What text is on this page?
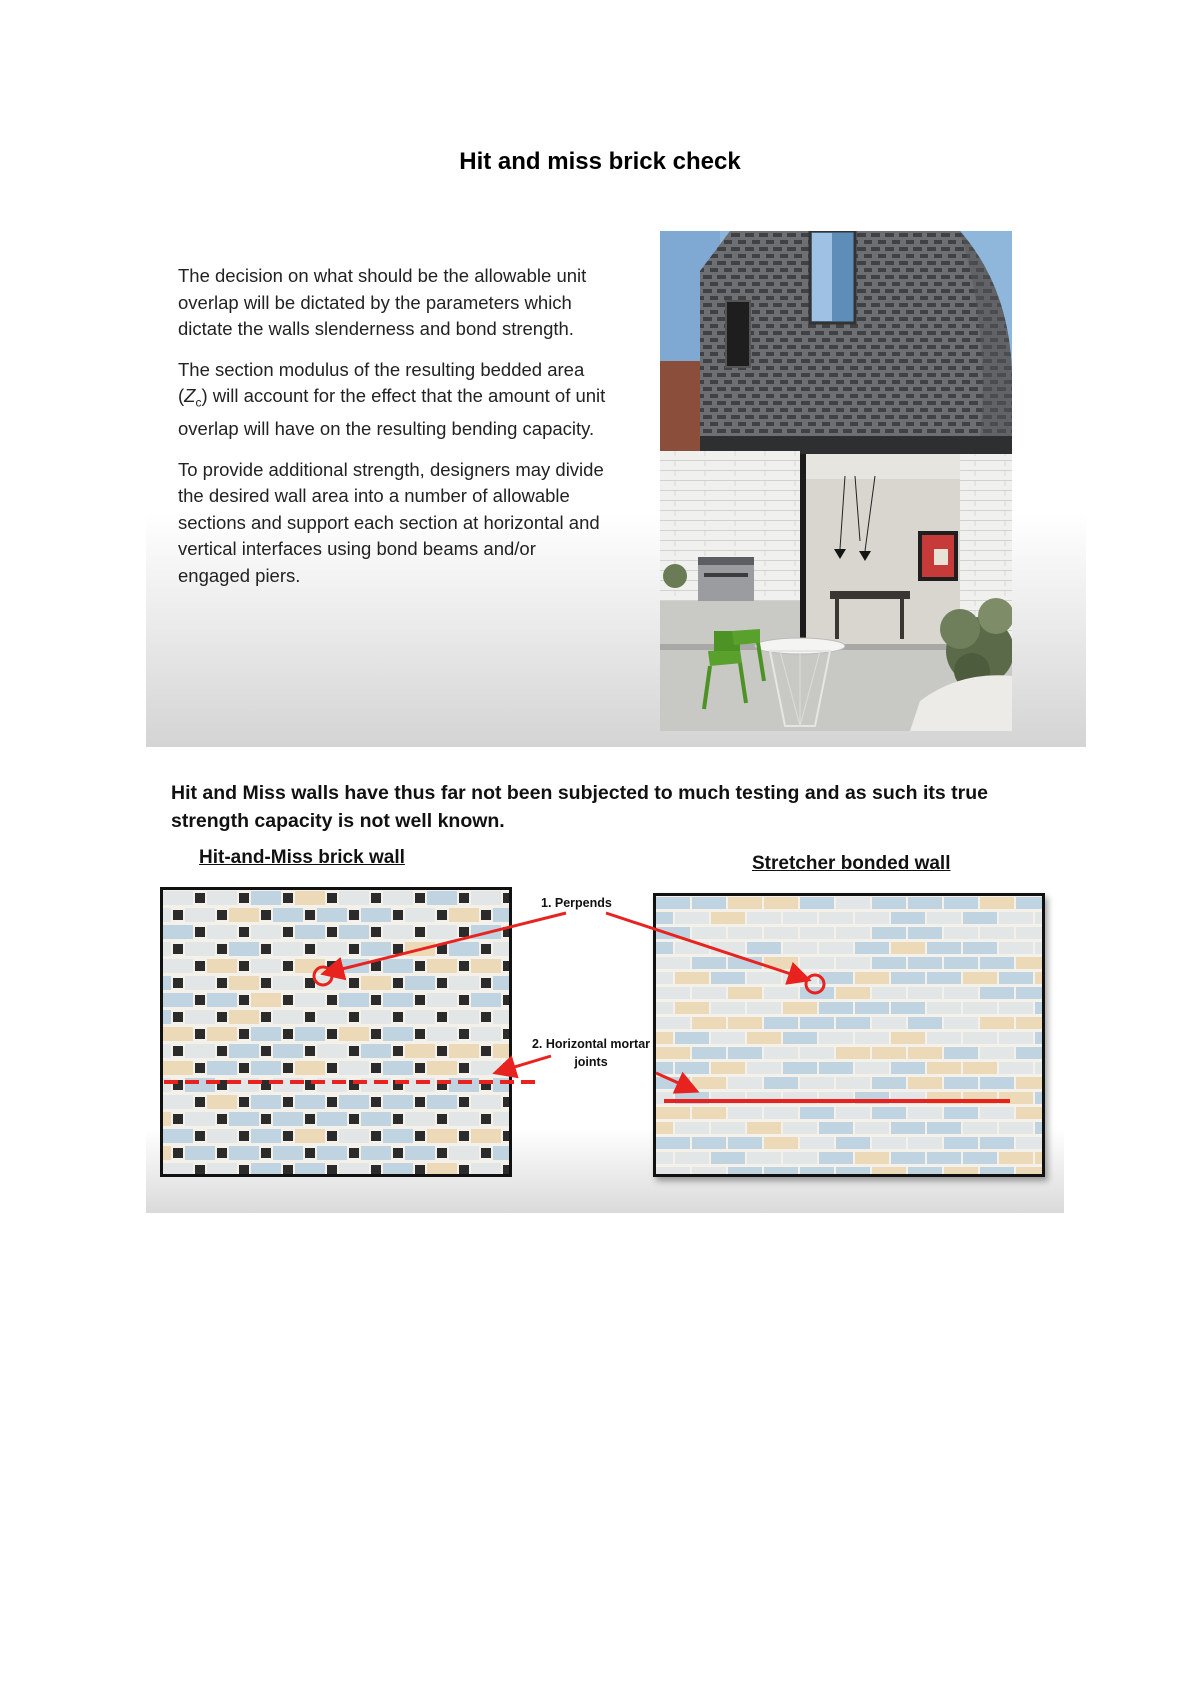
Hit and miss brick check

The decision on what should be the allowable unit overlap will be dictated by the parameters which dictate the walls slenderness and bond strength.

The section modulus of the resulting bedded area $(Z_c)$ will account for the effect that the amount of unit overlap will have on the resulting bending capacity.

To provide additional strength, designers may divide the desired wall area into a number of allowable sections and support each section at horizontal and vertical interfaces using bond beams and/or engaged piers.

Hit and Miss walls have thus far not been subjected to much testing and as such its true strength capacity is not well known.
Hit-and-Miss brick wall	Stretcher bonded wall
1. Perpends
2. Horizontal mortar
joints
